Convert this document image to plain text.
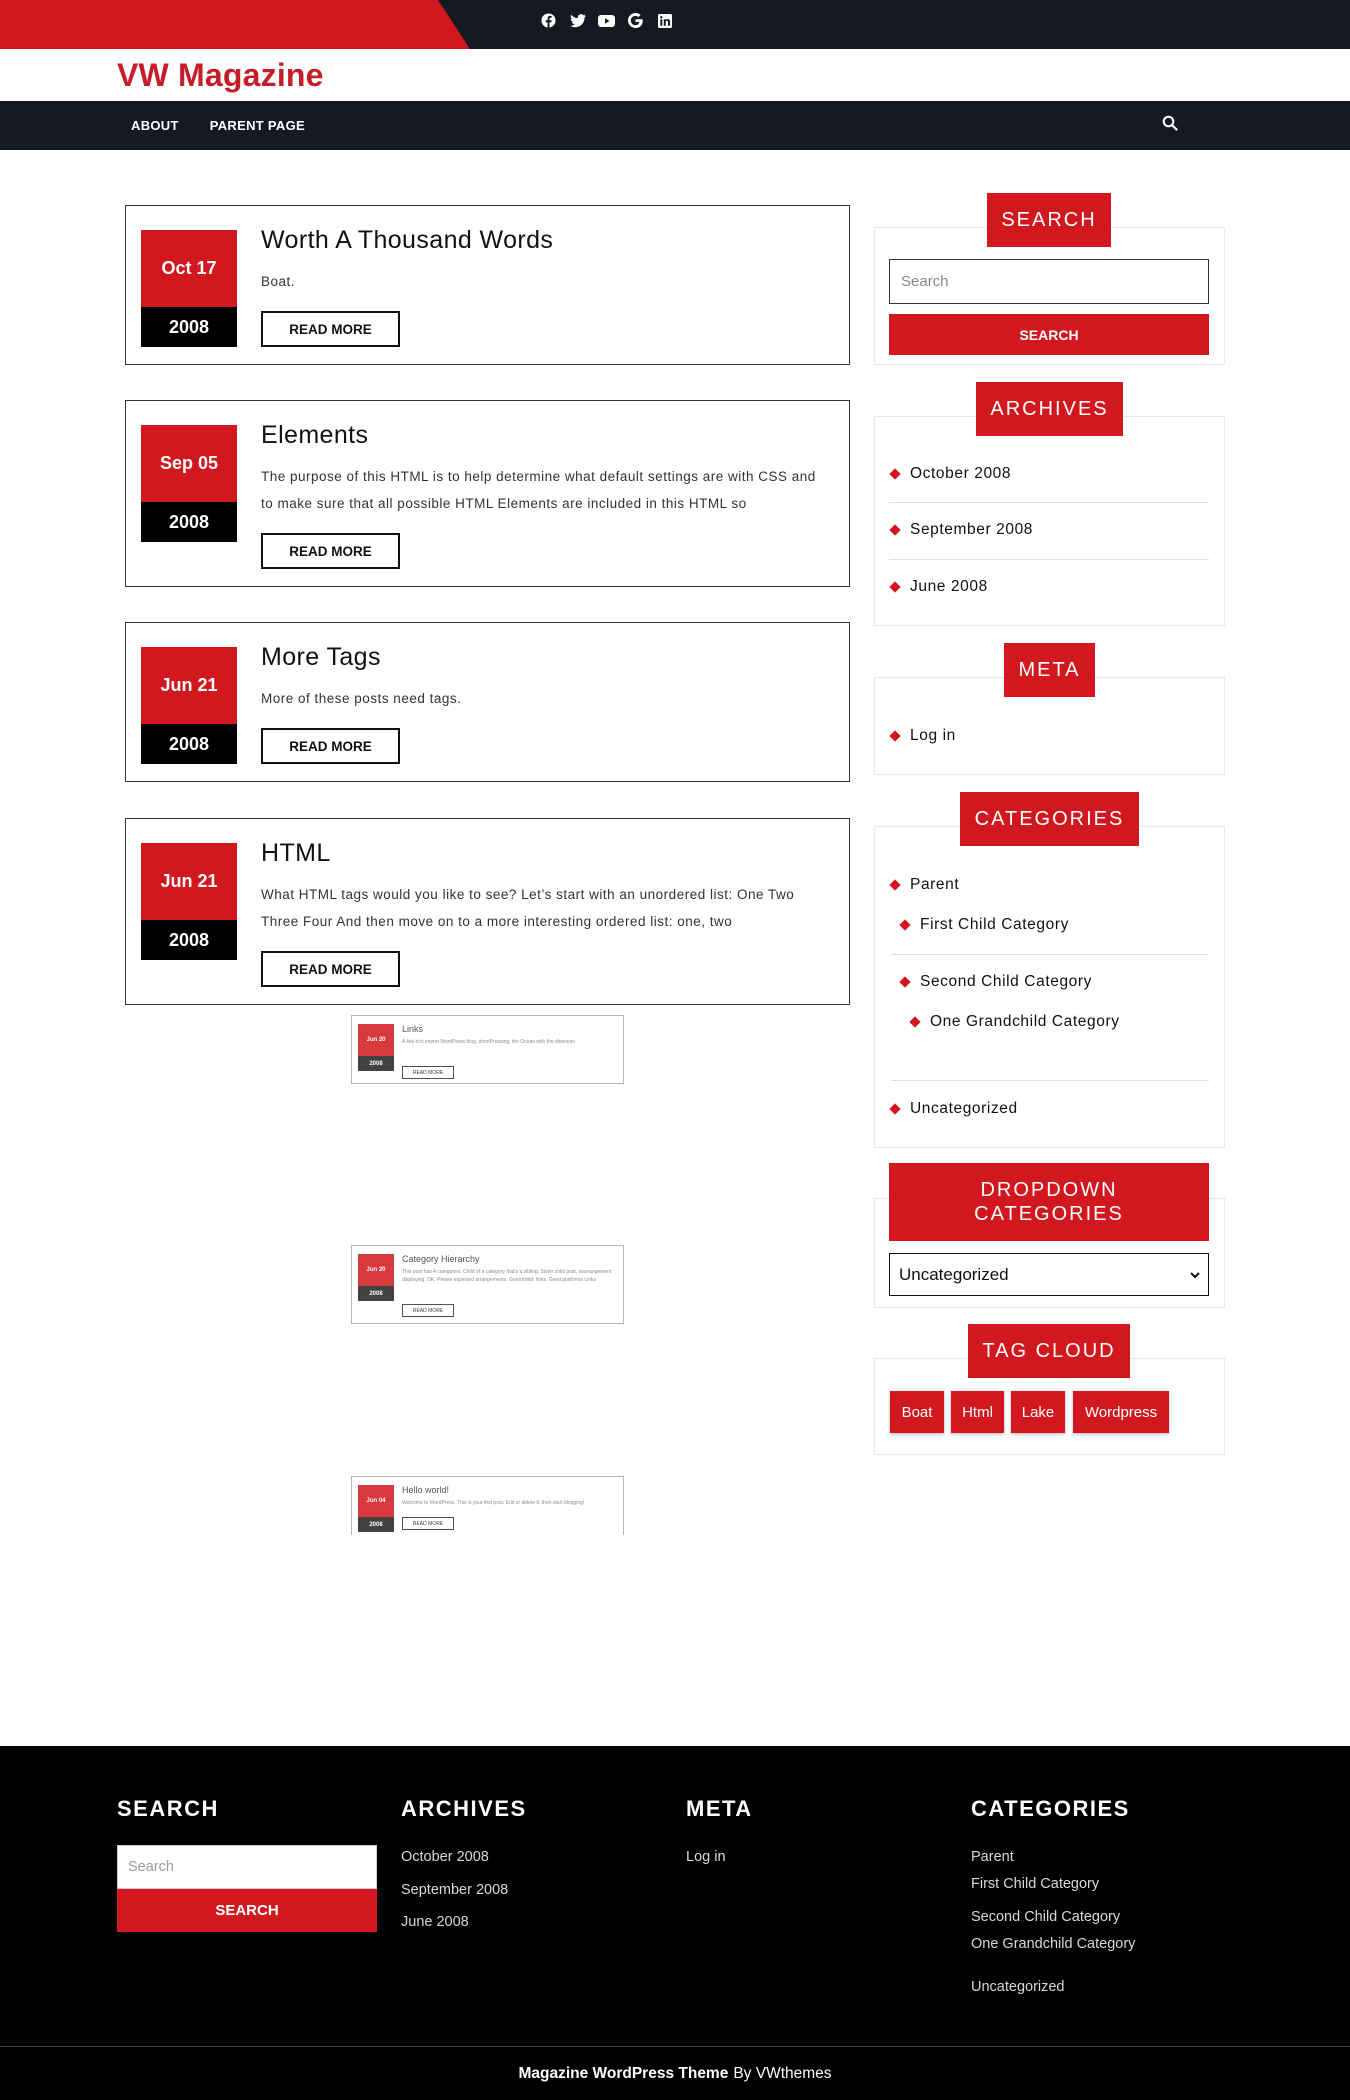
VW Magazine
ABOUT PARENT PAGE
Oct 17
2008
Worth A Thousand Words
Boat.
READ MORE
Sep 05
2008
Elements
The purpose of this HTML is to help determine what default settings are with CSS and to make sure that all possible HTML Elements are included in this HTML so
READ MORE
Jun 21
2008
More Tags
More of these posts need tags.
READ MORE
Jun 21
2008
HTML
What HTML tags would you like to see? Let’s start with an unordered list: One Two Three Four And then move on to a more interesting ordered list: one, two
READ MORE
Jun 20
2008
Links
A link-rich import WordPress blog, shortPressing, the Ocean with the diversion
READ MORE
Jun 20
2008
Category Hierarchy
This post has 4 categories. Child of a category that's a sibling. Sister child post, rearrangement displaying: OK. Please expected arrangements. Grandchild: links. Good platforms Links
READ MORE
Jun 04
2008
Hello world!
Welcome to WordPress. This is your first post. Edit or delete it, then start blogging!
READ MORE
SEARCH
Search
SEARCH
ARCHIVES
October 2008
September 2008
June 2008
META
Log in
CATEGORIES
Parent
First Child Category
Second Child Category
One Grandchild Category
Uncategorized
DROPDOWN
CATEGORIES
Uncategorized
TAG CLOUD
Boat	Html	Lake	Wordpress
SEARCH
Search
SEARCH
ARCHIVES
October 2008
September 2008
June 2008
META
Log in
CATEGORIES
Parent
First Child Category
Second Child Category
One Grandchild Category
Uncategorized
Magazine WordPress Theme By VWthemes
